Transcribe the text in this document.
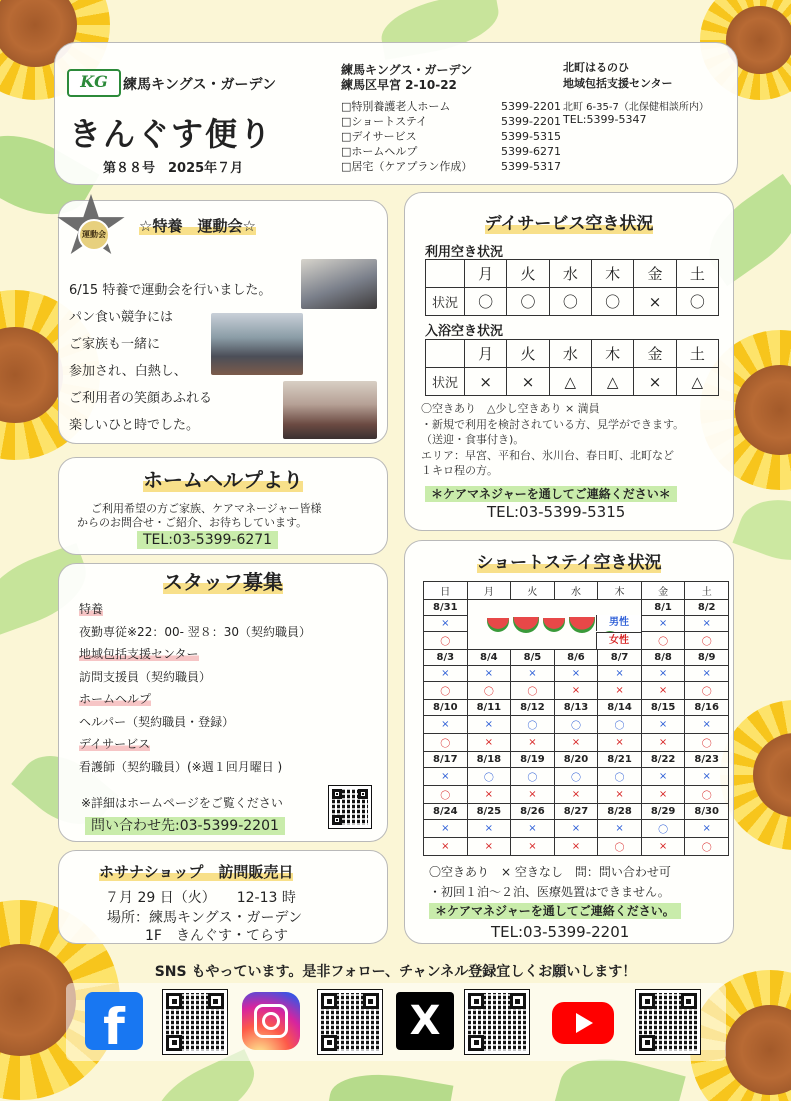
KG	練馬キングス・ガーデン
きんぐす便り
第８８号　2025年７月
練馬キングス・ガーデン
練馬区早宮 2-10-22
□特別養護老人ホーム	5399-2201
□ショートステイ	5399-2201
□デイサービス	5399-5315
□ホームヘルプ	5399-6271
□居宅（ケアプラン作成）	5399-5317
北町はるのひ
地域包括支援センター
北町 6-35-7（北保健相談所内）
TEL:5399-5347
☆特養　運動会☆
6/15 特養で運動会を行いました。
パン食い競争には
ご家族も一緒に
参加され、白熱し、
ご利用者の笑顔あふれる
楽しいひと時でした。
運動会
ホームヘルプより
ご利用希望の方ご家族、ケアマネージャー皆様
からのお問合せ・ご紹介、お待ちしています。
TEL:03-5399-6271
スタッフ募集
特養
夜勤専従※22：00- 翌８：30（契約職員）
地域包括支援センター
訪問支援員（契約職員）
ホームヘルプ
ヘルパー（契約職員・登録）
デイサービス
看護師（契約職員）(※週１回月曜日 )
※詳細はホームページをご覧ください
問い合わせ先:03-5399-2201
ホサナショップ　訪問販売日
７月 29 日（火）　　12-13 時
場所：練馬キングス・ガーデン
1F　きんぐす・てらす
デイサービス空き状況
利用空き状況
	月	火	水	木	金	土
状況	〇	〇	〇	〇	×	〇
入浴空き状況
	月	火	水	木	金	土
状況	×	×	△	△	×	△
〇空きあり　△少し空きあり × 満員
・新規で利用を検討されている方、見学ができます。
（送迎・食事付き)。
エリア：早宮、平和台、氷川台、春日町、北町など
１キロ程の方。
＊ケアマネジャーを通してご連絡ください＊
TEL:03-5399-5315
ショートステイ空き状況
日	月	火	水	木	金	土
8/31					8/1	8/2
×					×	×
〇					〇	〇
8/3	8/4	8/5	8/6	8/7	8/8	8/9
×	×	×	×	×	×	×
〇	〇	〇	×	×	×	〇
8/10	8/11	8/12	8/13	8/14	8/15	8/16
×	×	〇	〇	〇	×	×
〇	×	×	×	×	×	〇
8/17	8/18	8/19	8/20	8/21	8/22	8/23
×	〇	〇	〇	〇	×	×
〇	×	×	×	×	×	〇
8/24	8/25	8/26	8/27	8/28	8/29	8/30
×	×	×	×	×	〇	×
×	×	×	×	〇	×	〇
男性
女性
〇空きあり　× 空きなし　問：問い合わせ可
・初回１泊～２泊、医療処置はできません。
＊ケアマネジャーを通してご連絡ください。
TEL:03-5399-2201
SNS もやっています。是非フォロー、チャンネル登録宜しくお願いします！
f	X
